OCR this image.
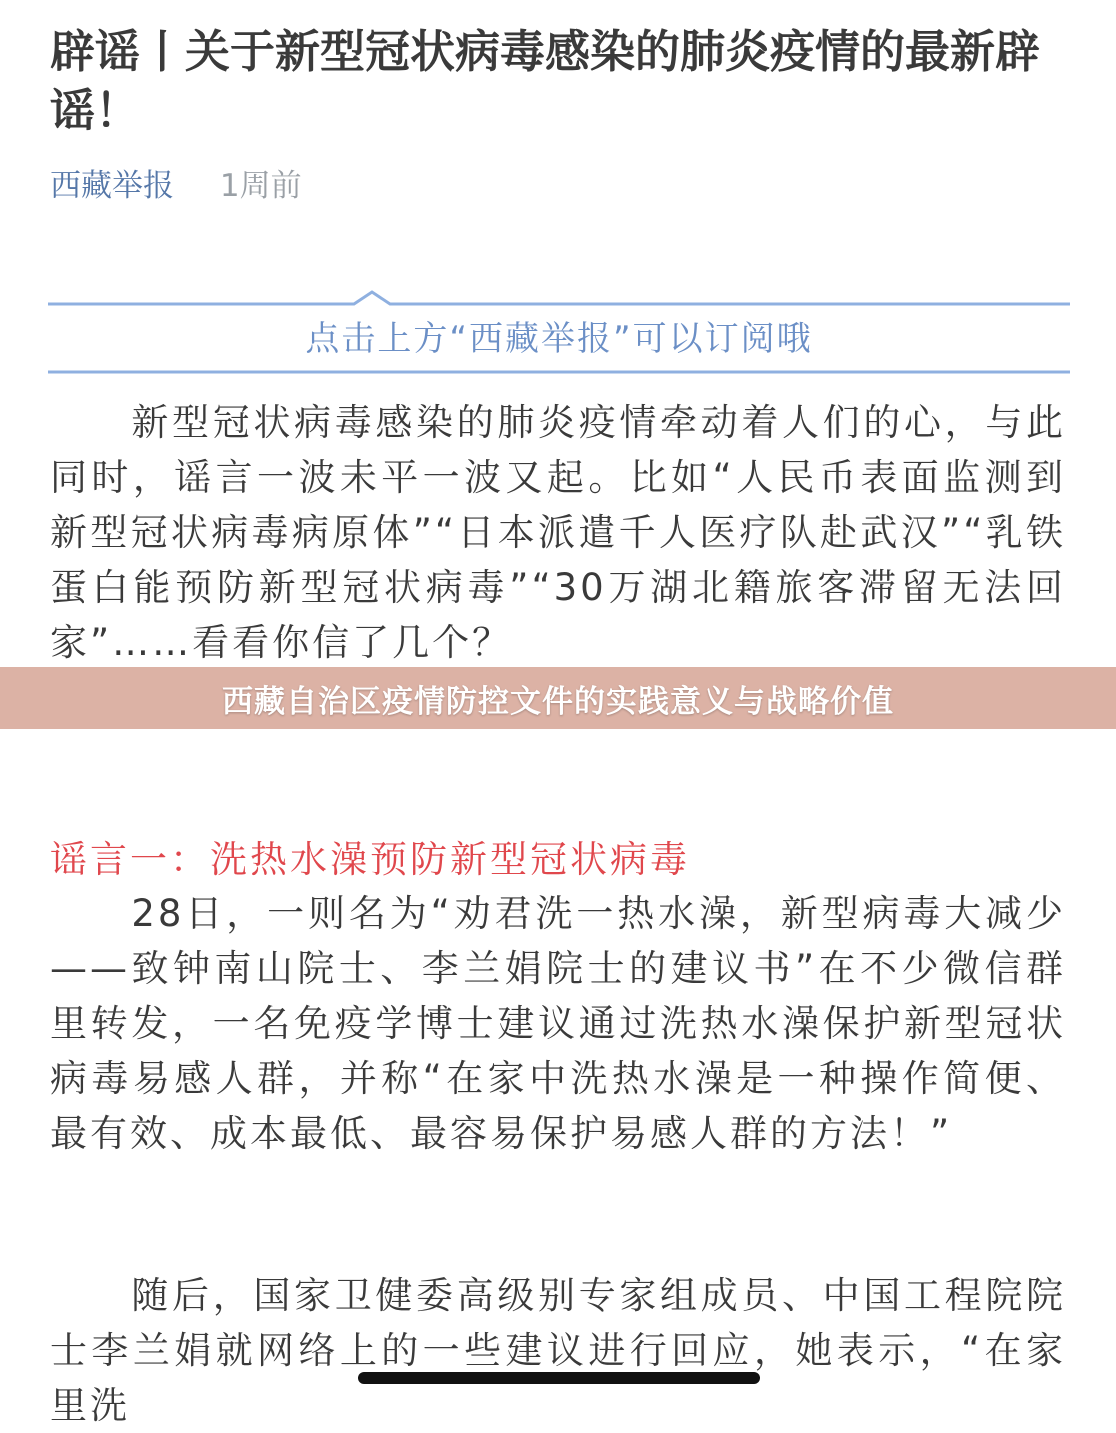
辟谣丨关于新型冠状病毒感染的肺炎疫情的最新辟谣！
西藏举报 1周前
点击上方“西藏举报”可以订阅哦

新型冠状病毒感染的肺炎疫情牵动着人们的心，与此同时，谣言一波未平一波又起。比如“人民币表面监测到新型冠状病毒病原体”“日本派遣千人医疗队赴武汉”“乳铁蛋白能预防新型冠状病毒”“30万湖北籍旅客滞留无法回家”……看看你信了几个？

谣言一：洗热水澡预防新型冠状病毒

28日，一则名为“劝君洗一热水澡，新型病毒大减少——致钟南山院士、李兰娟院士的建议书”在不少微信群里转发，一名免疫学博士建议通过洗热水澡保护新型冠状病毒易感人群，并称“在家中洗热水澡是一种操作简便、最有效、成本最低、最容易保护易感人群的方法！”

随后，国家卫健委高级别专家组成员、中国工程院院士李兰娟就网络上的一些建议进行回应，她表示，“在家里洗

西藏自治区疫情防控文件的实践意义与战略价值
